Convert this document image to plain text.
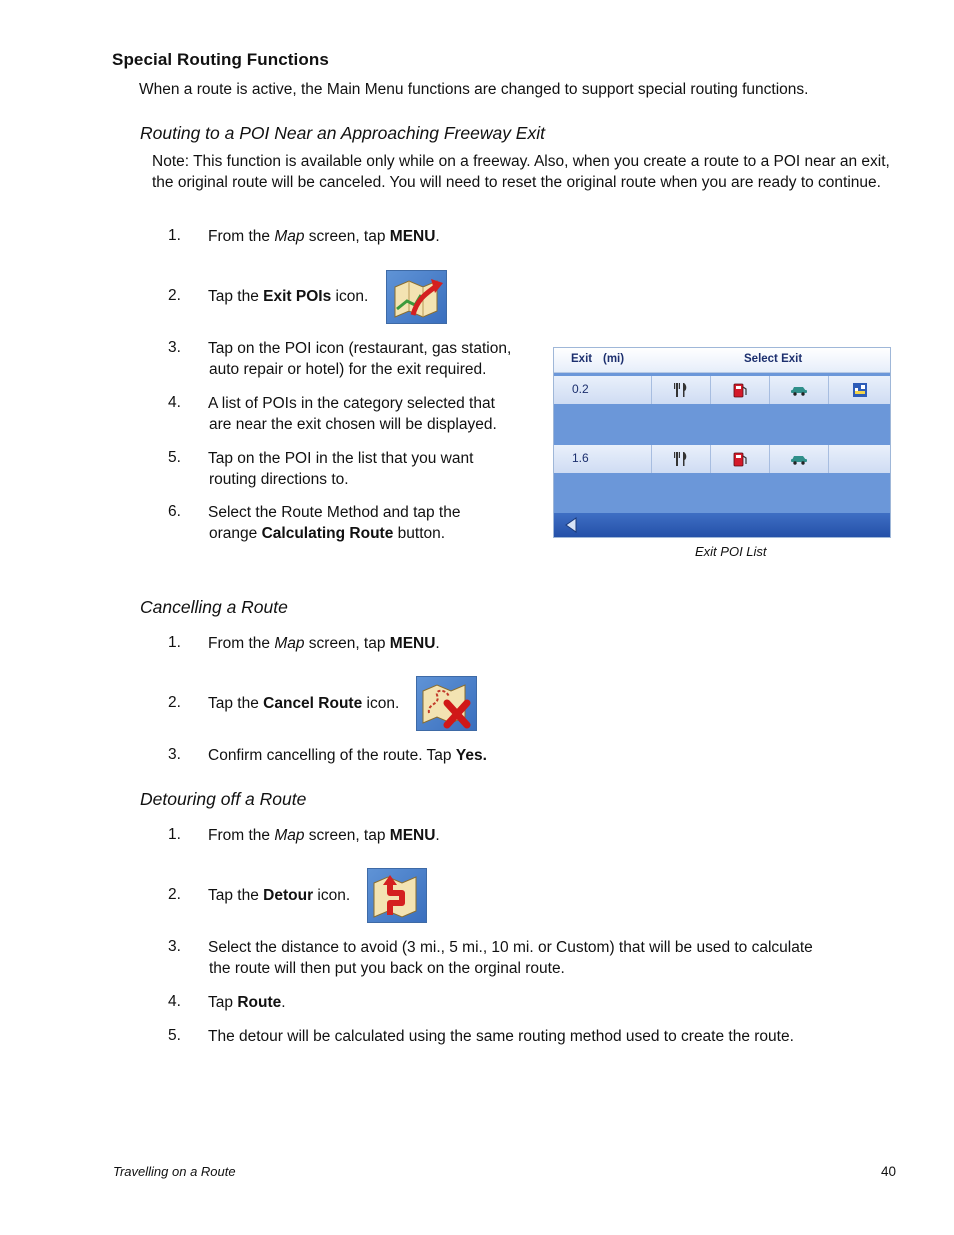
Special Routing Functions
When a route is active, the Main Menu functions are changed to support special routing functions.
Routing to a POI Near an Approaching Freeway Exit
Note: This function is available only while on a freeway. Also, when you create a route to a POI near an exit, the original route will be canceled. You will need to reset the original route when you are ready to continue.
1.	From the Map screen, tap MENU.
2.	Tap the Exit POIs icon.
3.	Tap on the POI icon (restaurant, gas station,
auto repair or hotel) for the exit required.
4.	A list of POIs in the category selected that
are near the exit chosen will be displayed.
5.	Tap on the POI in the list that you want
routing directions to.
6.	Select the Route Method and tap the
orange Calculating Route button.
Exit (mi)	Select Exit
0.2
1.6
Exit POI List
Cancelling a Route
1.	From the Map screen, tap MENU.
2.	Tap the Cancel Route icon.
3.	Confirm cancelling of the route. Tap Yes.
Detouring off a Route
1.	From the Map screen, tap MENU.
2.	Tap the Detour icon.
3.	Select the distance to avoid (3 mi., 5 mi., 10 mi. or Custom) that will be used to calculate
the route will then put you back on the orginal route.
4.	Tap Route.
5.	The detour will be calculated using the same routing method used to create the route.
Travelling on a Route	40
